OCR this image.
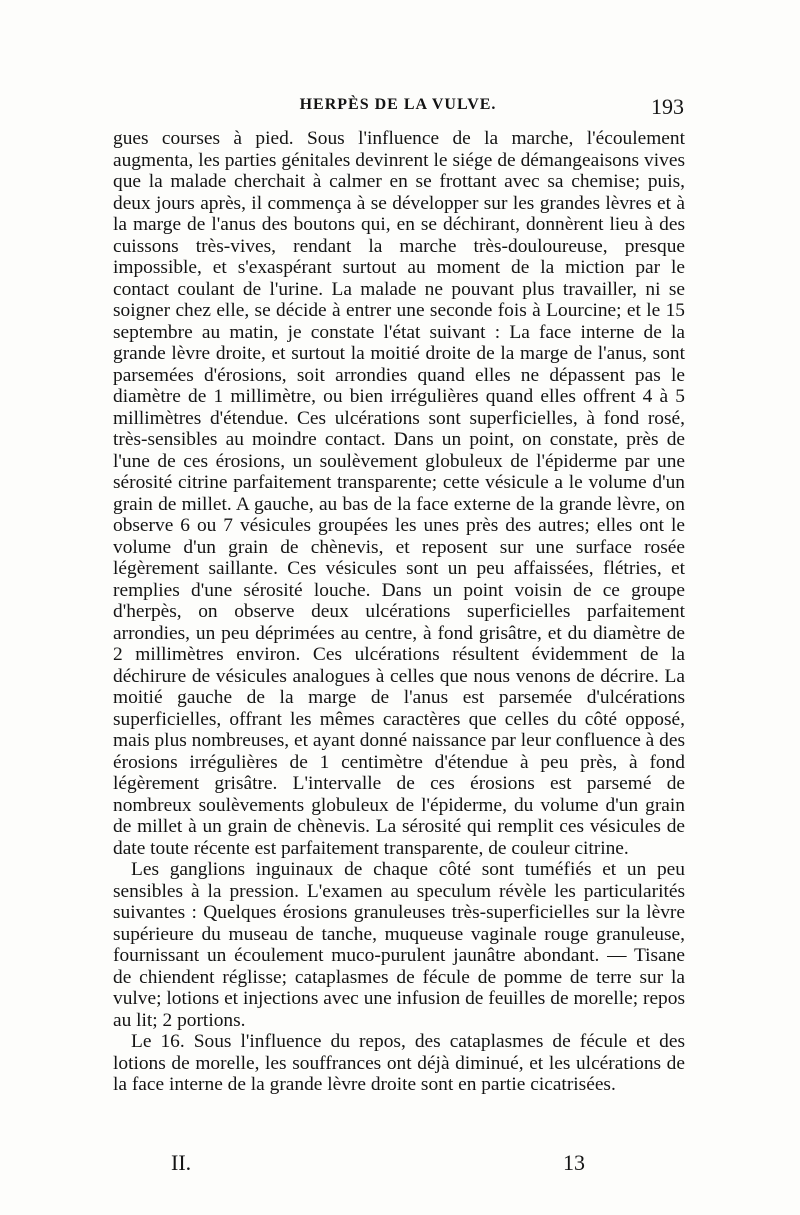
HERPÈS DE LA VULVE.	193

gues courses à pied. Sous l'influence de la marche, l'écoulement augmenta, les parties génitales devinrent le siége de démangeaisons vives que la malade cherchait à calmer en se frottant avec sa chemise; puis, deux jours après, il commença à se développer sur les grandes lèvres et à la marge de l'anus des boutons qui, en se déchirant, donnèrent lieu à des cuissons très-vives, rendant la marche très-douloureuse, presque impossible, et s'exaspérant surtout au moment de la miction par le contact coulant de l'urine. La malade ne pouvant plus travailler, ni se soigner chez elle, se décide à entrer une seconde fois à Lourcine; et le 15 septembre au matin, je constate l'état suivant : La face interne de la grande lèvre droite, et surtout la moitié droite de la marge de l'anus, sont parsemées d'érosions, soit arrondies quand elles ne dépassent pas le diamètre de 1 millimètre, ou bien irrégulières quand elles offrent 4 à 5 millimètres d'étendue. Ces ulcérations sont superficielles, à fond rosé, très-sensibles au moindre contact. Dans un point, on constate, près de l'une de ces érosions, un soulèvement globuleux de l'épiderme par une sérosité citrine parfaitement transparente; cette vésicule a le volume d'un grain de millet. A gauche, au bas de la face externe de la grande lèvre, on observe 6 ou 7 vésicules groupées les unes près des autres; elles ont le volume d'un grain de chènevis, et reposent sur une surface rosée légèrement saillante. Ces vésicules sont un peu affaissées, flétries, et remplies d'une sérosité louche. Dans un point voisin de ce groupe d'herpès, on observe deux ulcérations superficielles parfaitement arrondies, un peu déprimées au centre, à fond grisâtre, et du diamètre de 2 millimètres environ. Ces ulcérations résultent évidemment de la déchirure de vésicules analogues à celles que nous venons de décrire. La moitié gauche de la marge de l'anus est parsemée d'ulcérations superficielles, offrant les mêmes caractères que celles du côté opposé, mais plus nombreuses, et ayant donné naissance par leur confluence à des érosions irrégulières de 1 centimètre d'étendue à peu près, à fond légèrement grisâtre. L'intervalle de ces érosions est parsemé de nombreux soulèvements globuleux de l'épiderme, du volume d'un grain de millet à un grain de chènevis. La sérosité qui remplit ces vésicules de date toute récente est parfaitement transparente, de couleur citrine.

Les ganglions inguinaux de chaque côté sont tuméfiés et un peu sensibles à la pression. L'examen au speculum révèle les particularités suivantes : Quelques érosions granuleuses très-superficielles sur la lèvre supérieure du museau de tanche, muqueuse vaginale rouge granuleuse, fournissant un écoulement muco-purulent jaunâtre abondant. — Tisane de chiendent réglisse; cataplasmes de fécule de pomme de terre sur la vulve; lotions et injections avec une infusion de feuilles de morelle; repos au lit; 2 portions.

Le 16. Sous l'influence du repos, des cataplasmes de fécule et des lotions de morelle, les souffrances ont déjà diminué, et les ulcérations de la face interne de la grande lèvre droite sont en partie cicatrisées.

II.	13
